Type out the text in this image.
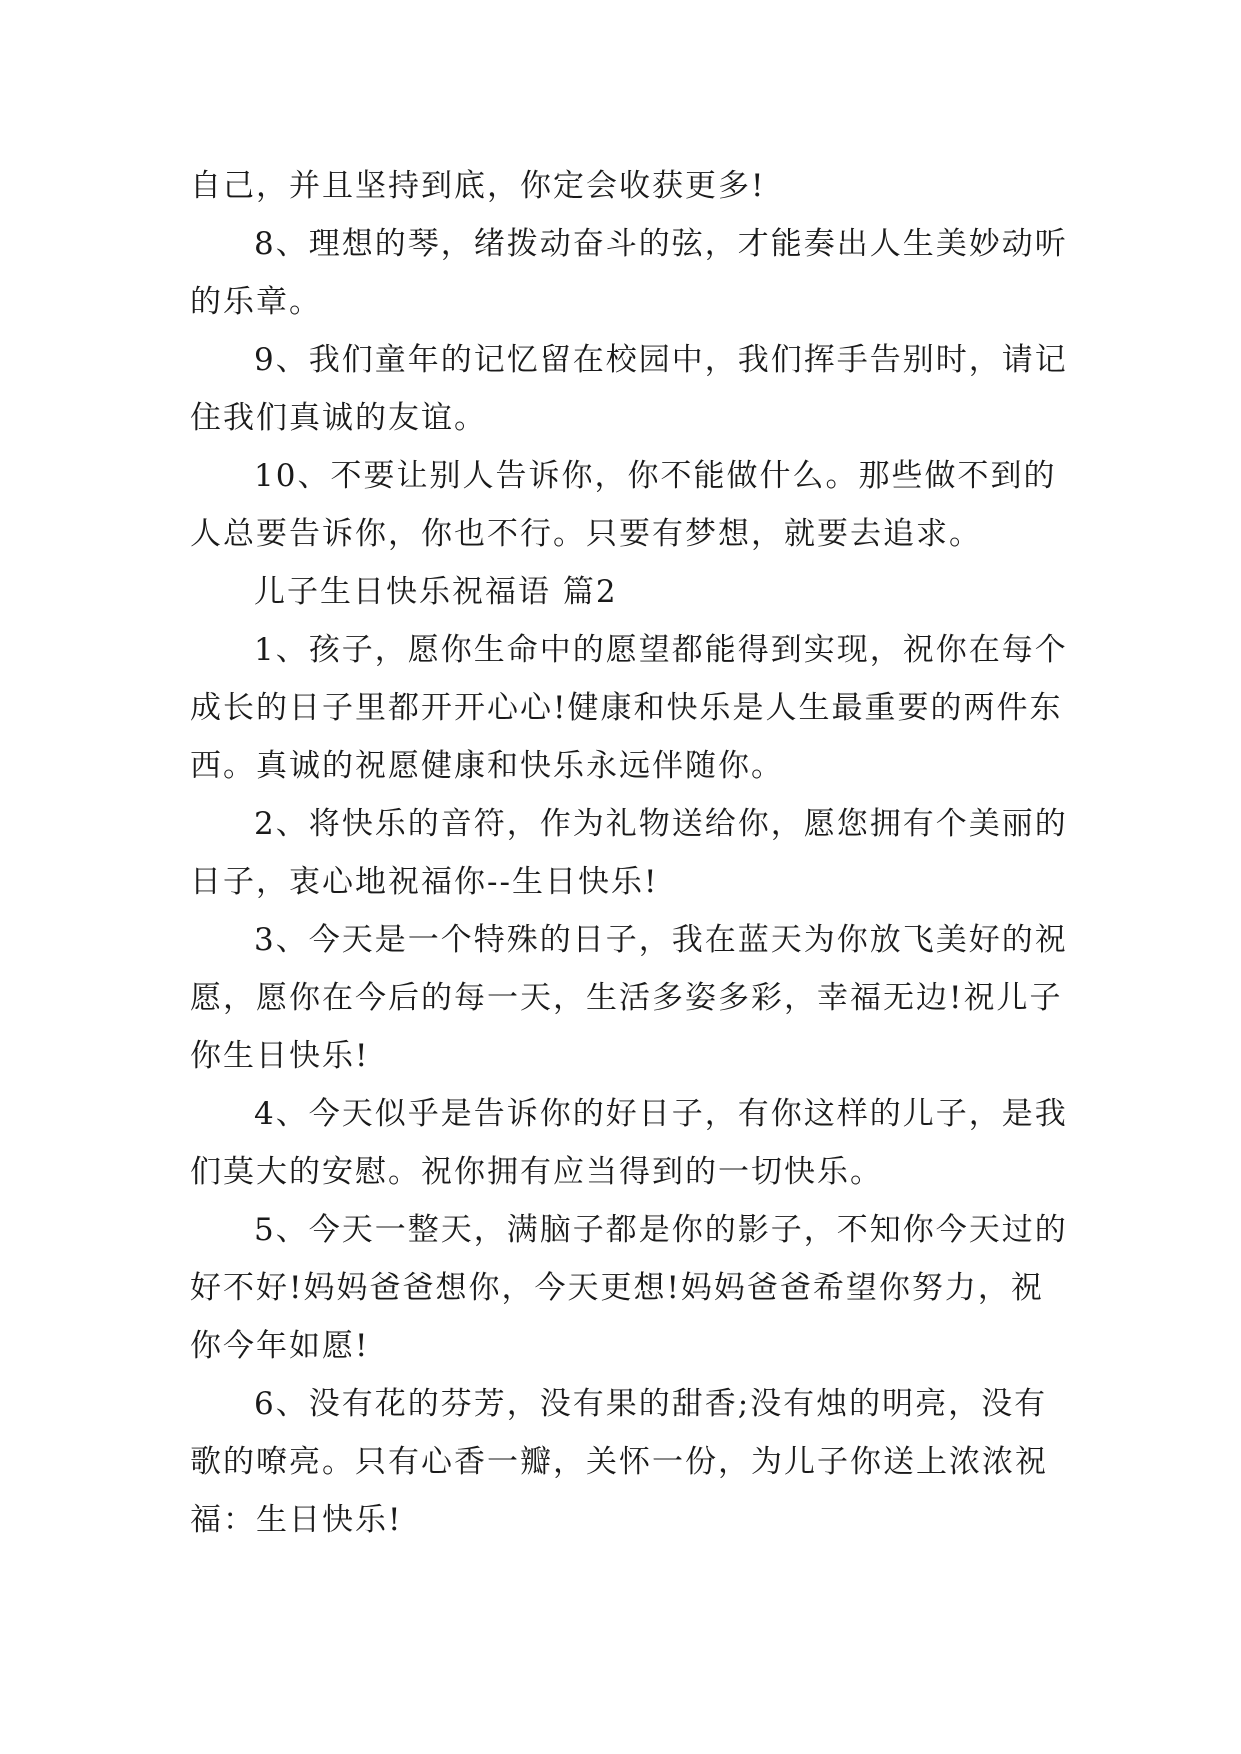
自己，并且坚持到底，你定会收获更多!

8、理想的琴，绪拨动奋斗的弦，才能奏出人生美妙动听的乐章。

9、我们童年的记忆留在校园中，我们挥手告别时，请记住我们真诚的友谊。

10、不要让别人告诉你，你不能做什么。那些做不到的人总要告诉你，你也不行。只要有梦想，就要去追求。

儿子生日快乐祝福语 篇2

1、孩子，愿你生命中的愿望都能得到实现，祝你在每个成长的日子里都开开心心!健康和快乐是人生最重要的两件东西。真诚的祝愿健康和快乐永远伴随你。

2、将快乐的音符，作为礼物送给你，愿您拥有个美丽的日子，衷心地祝福你--生日快乐!

3、今天是一个特殊的日子，我在蓝天为你放飞美好的祝愿，愿你在今后的每一天，生活多姿多彩，幸福无边!祝儿子你生日快乐!

4、今天似乎是告诉你的好日子，有你这样的儿子，是我们莫大的安慰。祝你拥有应当得到的一切快乐。

5、今天一整天，满脑子都是你的影子，不知你今天过的好不好!妈妈爸爸想你，今天更想!妈妈爸爸希望你努力，祝你今年如愿!

6、没有花的芬芳，没有果的甜香;没有烛的明亮，没有歌的嘹亮。只有心香一瓣，关怀一份，为儿子你送上浓浓祝福：生日快乐!
